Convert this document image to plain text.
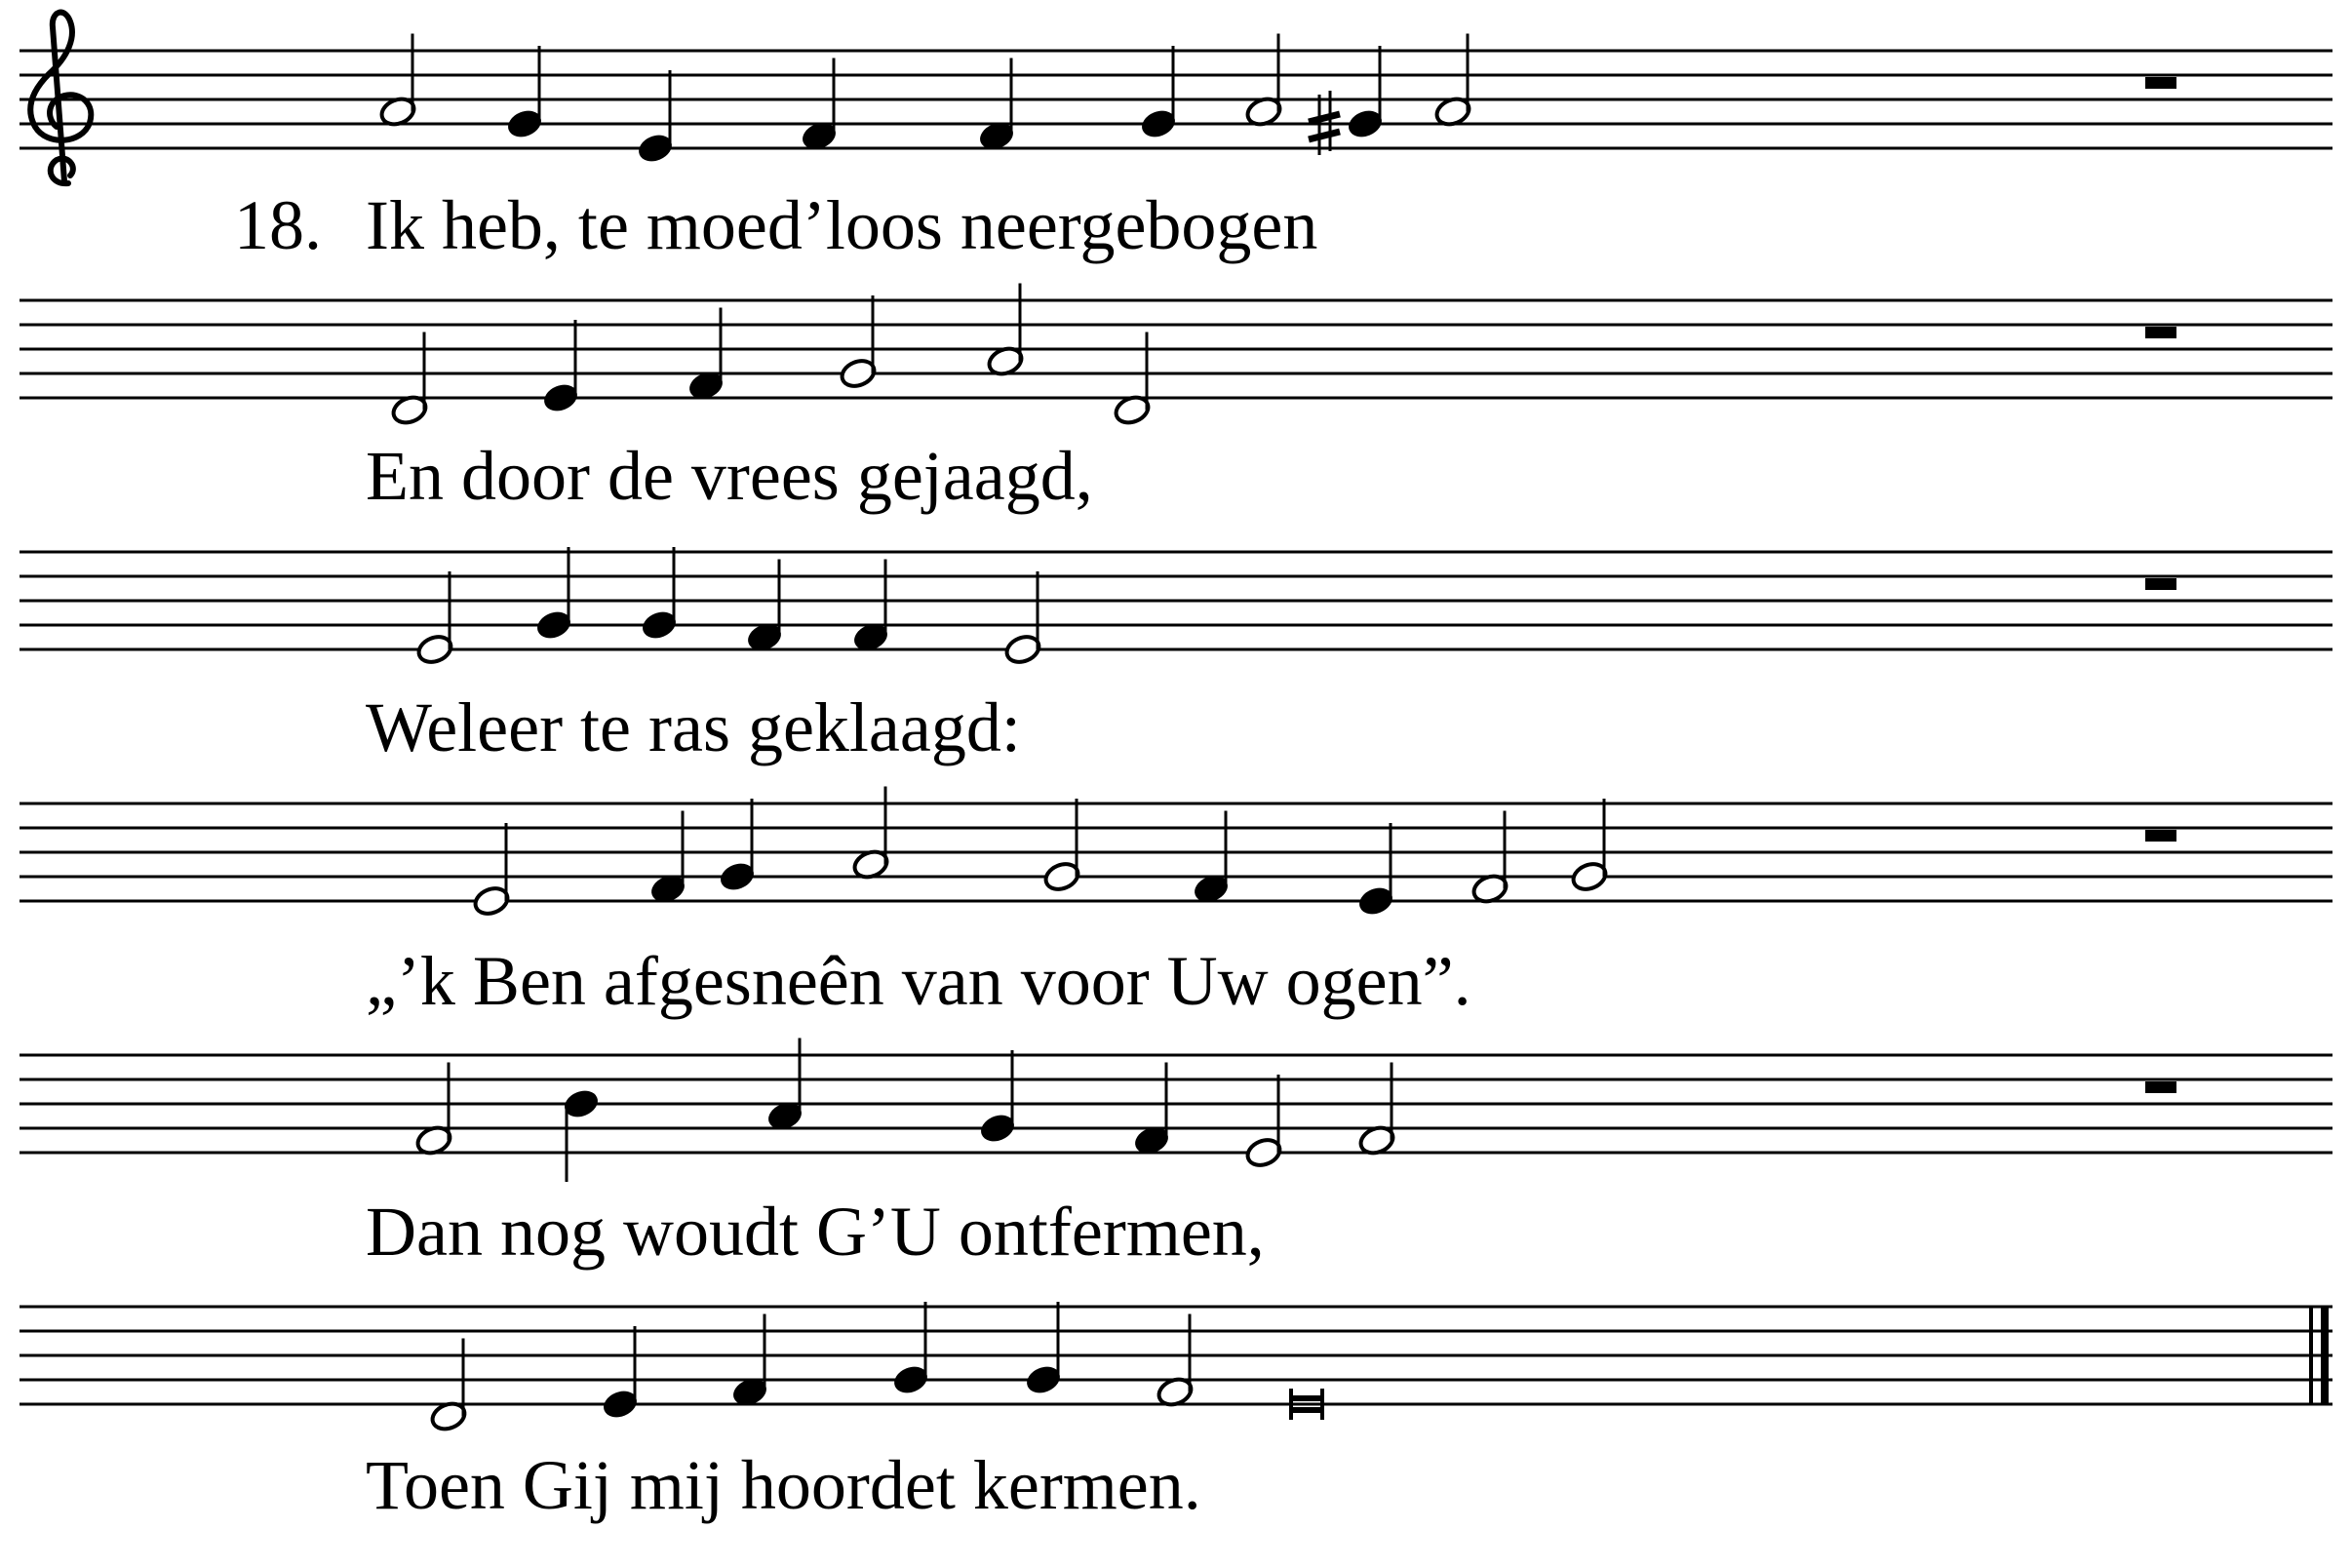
18. Ik heb, te moed’loos neergebogen
En door de vrees gejaagd,
Weleer te ras geklaagd:
„’k Ben afgesneên van voor Uw ogen”.
Dan nog woudt G’U ontfermen,
Toen Gij mij hoordet kermen.
